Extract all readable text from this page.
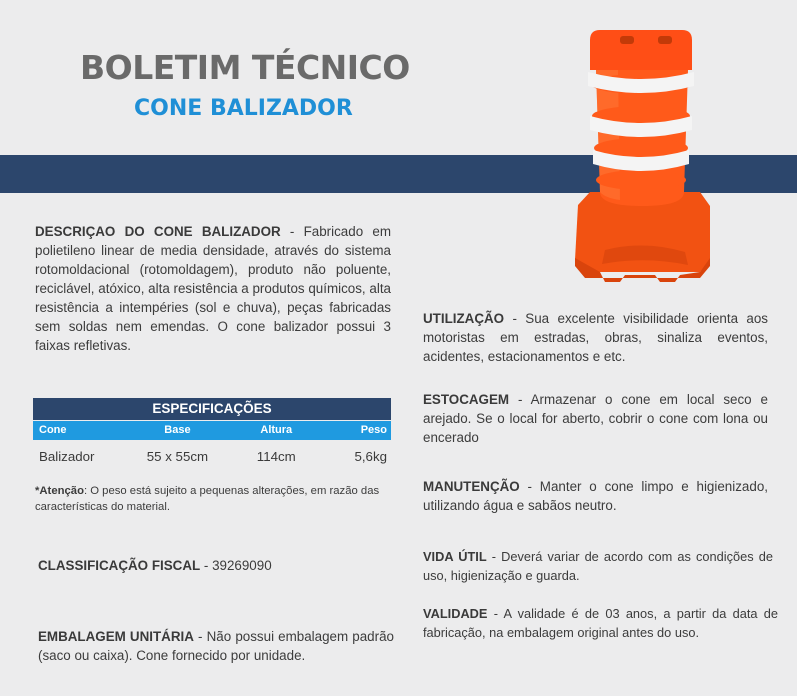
BOLETIM TÉCNICO
CONE BALIZADOR
DESCRIÇAO DO CONE BALIZADOR - Fabricado em polietileno linear de media densidade, através do sistema rotomoldacional (rotomoldagem), produto não poluente, reciclável, atóxico, alta resistência a produtos químicos, alta resistência a intempéries (sol e chuva), peças fabricadas sem soldas nem emendas. O cone balizador possui 3 faixas refletivas.
ESPECIFICAÇÕES
Cone	Base	Altura	Peso
Balizador	55 x 55cm	114cm	5,6kg
*Atenção: O peso está sujeito a pequenas alterações, em razão das características do material.
CLASSIFICAÇÃO FISCAL - 39269090
EMBALAGEM UNITÁRIA - Não possui embalagem padrão (saco ou caixa). Cone fornecido por unidade.
UTILIZAÇÃO - Sua excelente visibilidade orienta aos motoristas em estradas, obras, sinaliza eventos, acidentes, estacionamentos e etc.
ESTOCAGEM - Armazenar o cone em local seco e arejado. Se o local for aberto, cobrir o cone com lona ou encerado
MANUTENÇÃO - Manter o cone limpo e higienizado, utilizando água e sabãos neutro.
VIDA ÚTIL - Deverá variar de acordo com as condições de uso, higienização e guarda.
VALIDADE - A validade é de 03 anos, a partir da data de fabricação, na embalagem original antes do uso.
